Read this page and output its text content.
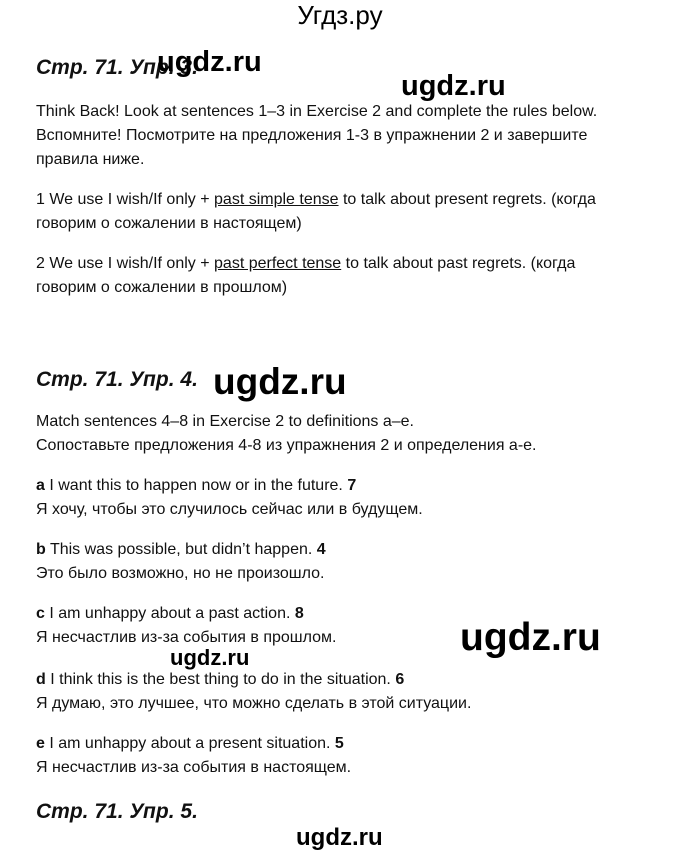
Угдз.ру
Стр. 71. Упр. 3.
ugdz.ru
ugdz.ru
Think Back! Look at sentences 1–3 in Exercise 2 and complete the rules below.
Вспомните! Посмотрите на предложения 1-3 в упражнении 2 и завершите
правила ниже.
1 We use I wish/If only + past simple tense to talk about present regrets. (когда
говорим о сожалении в настоящем)
2 We use I wish/If only + past perfect tense to talk about past regrets. (когда
говорим о сожалении в прошлом)
Стр. 71. Упр. 4. ugdz.ru
Match sentences 4–8 in Exercise 2 to definitions a–e.
Сопоставьте предложения 4-8 из упражнения 2 и определения а-е.
a I want this to happen now or in the future. 7
Я хочу, чтобы это случилось сейчас или в будущем.
b This was possible, but didn’t happen. 4
Это было возможно, но не произошло.
c I am unhappy about a past action. 8
Я несчастлив из-за события в прошлом.	ugdz.ru
ugdz.ru
d I think this is the best thing to do in the situation. 6
Я думаю, это лучшее, что можно сделать в этой ситуации.
e I am unhappy about a present situation. 5
Я несчастлив из-за события в настоящем.
Стр. 71. Упр. 5.
ugdz.ru
